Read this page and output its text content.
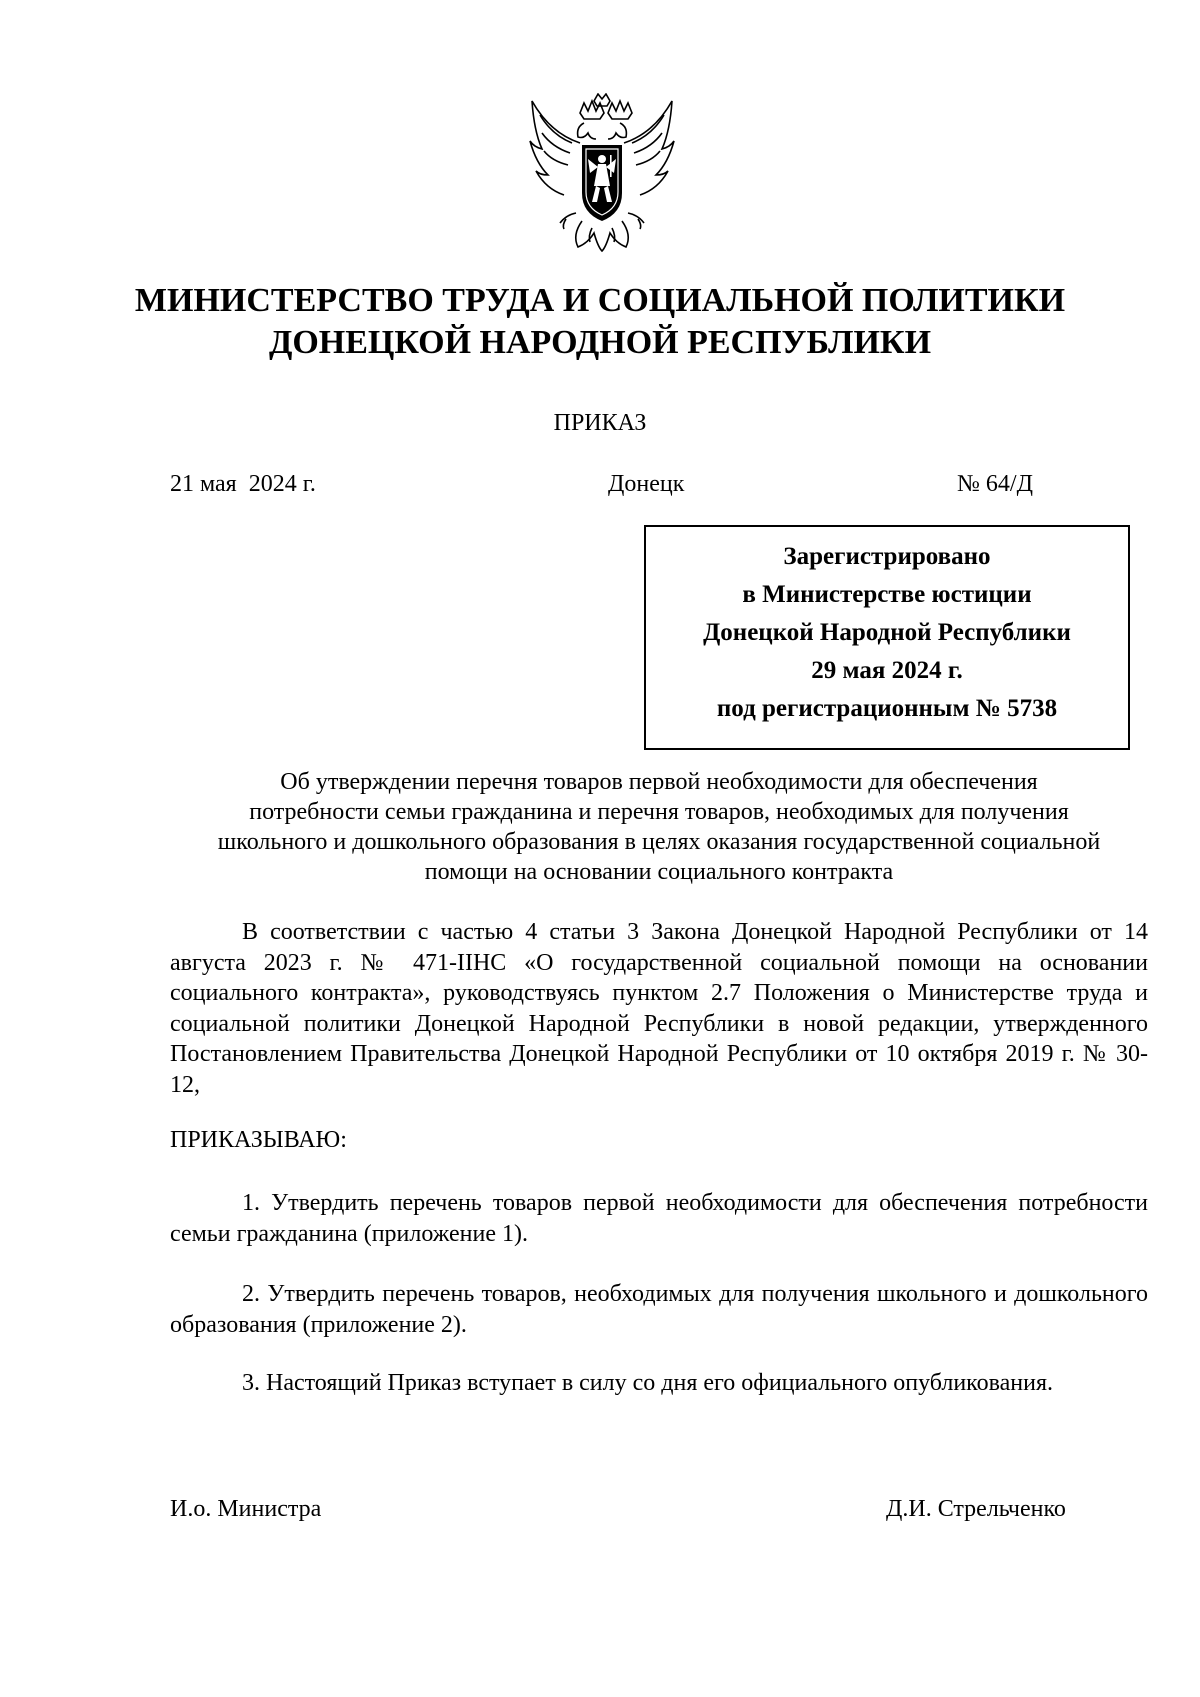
МИНИСТЕРСТВО ТРУДА И СОЦИАЛЬНОЙ ПОЛИТИКИ
ДОНЕЦКОЙ НАРОДНОЙ РЕСПУБЛИКИ
ПРИКАЗ
21 мая  2024 г.	Донецк	№ 64/Д
Зарегистрировано
в Министерстве юстиции
Донецкой Народной Республики
29 мая 2024 г.
под регистрационным № 5738
Об утверждении перечня товаров первой необходимости для обеспечения
потребности семьи гражданина и перечня товаров, необходимых для получения
школьного и дошкольного образования в целях оказания государственной социальной
помощи на основании социального контракта
В соответствии с частью 4 статьи 3 Закона Донецкой Народной Республики от 14 августа 2023 г. № 471-IIНС «О государственной социальной помощи на основании социального контракта», руководствуясь пунктом 2.7 Положения о Министерстве труда и социальной политики Донецкой Народной Республики в новой редакции, утвержденного Постановлением Правительства Донецкой Народной Республики от 10 октября 2019 г. № 30-12,
ПРИКАЗЫВАЮ:
1. Утвердить перечень товаров первой необходимости для обеспечения потребности семьи гражданина (приложение 1).
2. Утвердить перечень товаров, необходимых для получения школьного и дошкольного образования (приложение 2).
3. Настоящий Приказ вступает в силу со дня его официального опубликования.
И.о. Министра	Д.И. Стрельченко
